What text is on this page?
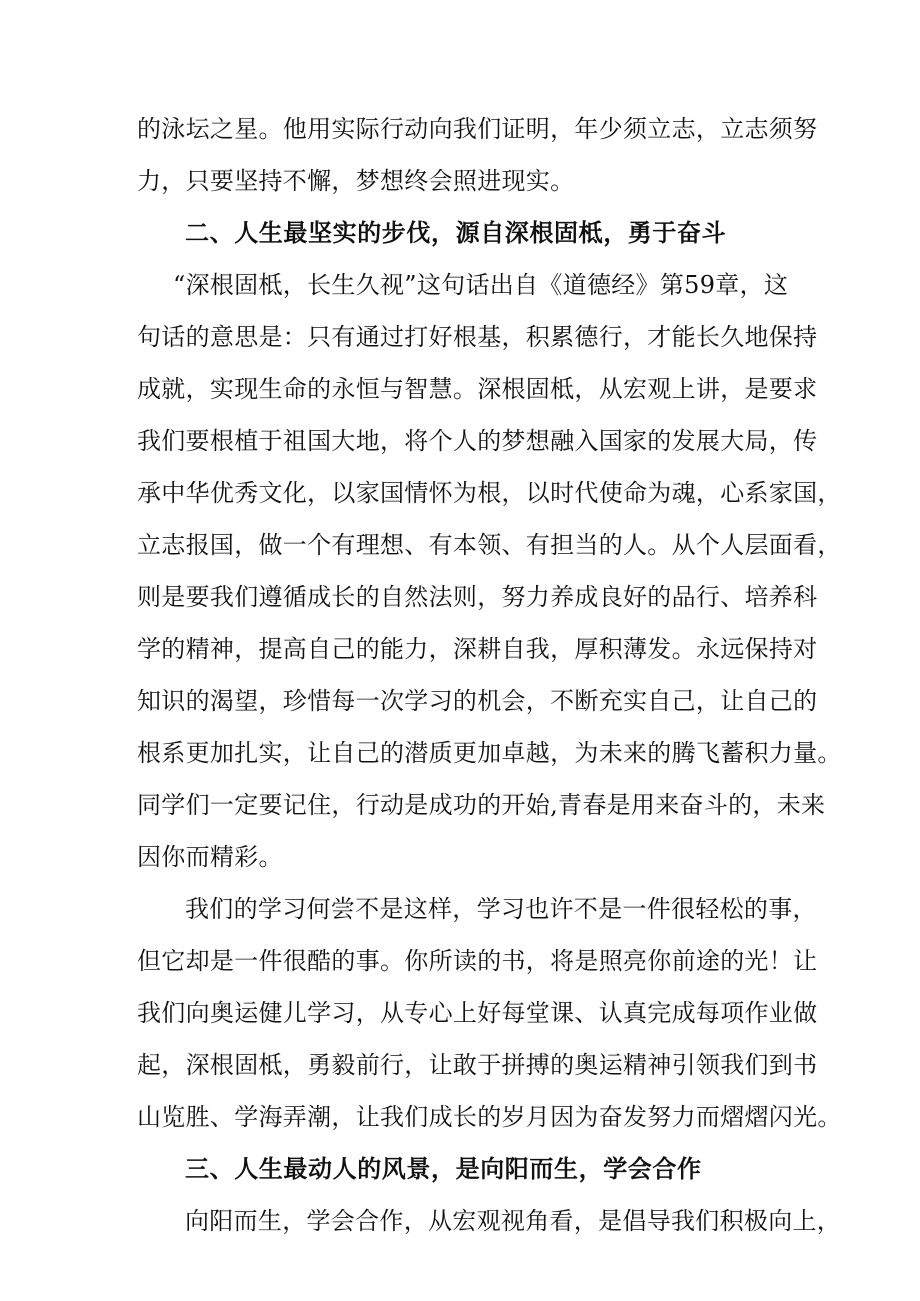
的泳坛之星。他用实际行动向我们证明，年少须立志，立志须努
力，只要坚持不懈，梦想终会照进现实。
二、人生最坚实的步伐，源自深根固柢，勇于奋斗
“深根固柢，长生久视”这句话出自《道德经》第59章，这
句话的意思是：只有通过打好根基，积累德行，才能长久地保持
成就，实现生命的永恒与智慧。深根固柢，从宏观上讲，是要求
我们要根植于祖国大地，将个人的梦想融入国家的发展大局，传
承中华优秀文化，以家国情怀为根，以时代使命为魂，心系家国，
立志报国，做一个有理想、有本领、有担当的人。从个人层面看，
则是要我们遵循成长的自然法则，努力养成良好的品行、培养科
学的精神，提高自己的能力，深耕自我，厚积薄发。永远保持对
知识的渴望，珍惜每一次学习的机会，不断充实自己，让自己的
根系更加扎实，让自己的潜质更加卓越，为未来的腾飞蓄积力量。
同学们一定要记住，行动是成功的开始,青春是用来奋斗的，未来
因你而精彩。
我们的学习何尝不是这样，学习也许不是一件很轻松的事，
但它却是一件很酷的事。你所读的书，将是照亮你前途的光！让
我们向奥运健儿学习，从专心上好每堂课、认真完成每项作业做
起，深根固柢，勇毅前行，让敢于拼搏的奥运精神引领我们到书
山览胜、学海弄潮，让我们成长的岁月因为奋发努力而熠熠闪光。
三、人生最动人的风景，是向阳而生，学会合作
向阳而生，学会合作，从宏观视角看，是倡导我们积极向上，
